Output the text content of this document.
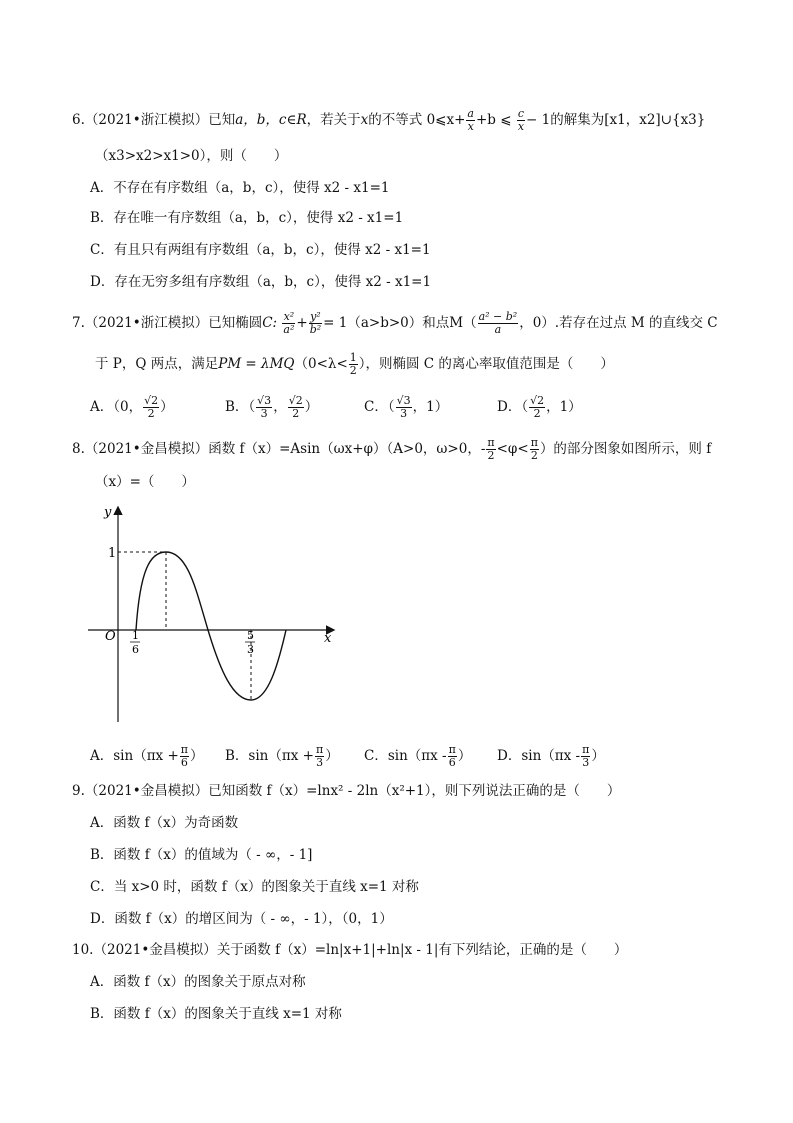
6.（2021•浙江模拟）已知a，b，c∈R，若关于x的不等式 0⩽x+ $\frac{a}{x} +b$ ⩽ $\frac{c}{x} - 1$的解集为[x1，x2]∪{x3}
（x3>x2>x1>0），则（　　）
A．不存在有序数组（a，b，c），使得 x2 - x1=1
B．存在唯一有序数组（a，b，c），使得 x2 - x1=1
C．有且只有两组有序数组（a，b，c），使得 x2 - x1=1
D．存在无穷多组有序数组（a，b，c），使得 x2 - x1=1
7.（2021•浙江模拟）已知椭圆C: $\frac{\text{x²}}{\text{a²}} + \frac{\text{y²}}{\text{b²}} = 1(a>b>0)$和点$M( \frac{\text{a² − b²}}{a}$ ，0）.若存在过点 M 的直线交 C
于 P，Q 两点，满足PM = $\lambda MQ(0<\lambda< \frac{1}{2}$ ），则椭圆 C 的离心率取值范围是（　　）
A．（0， $\frac{√2}{2}$ ）	B．（ $\frac{√3}{3}$ ， $\frac{√2}{2}$ ）	C．（ $\frac{√3}{3}$ ，1）	D．（ $\frac{√2}{2}$ ，1）
8.（2021•金昌模拟）函数 f（x）=Asin（ωx+φ）（A>0，ω>0，- $\frac{\pi}{2} <\varphi< \frac{\pi}{2}$ ）的部分图象如图所示，则 f
（x）=（　　）
y
x
O
1
1
6
5
3
A．$\sin(\pi x + \frac{\pi}{6}$ ） B．$\sin(\pi x + \frac{\pi}{3}$ ） C．$\sin(\pi x - \frac{\pi}{6}$ ） D．$\sin(\pi x - \frac{\pi}{3}$ ）
9.（2021•金昌模拟）已知函数 f（x）=lnx² - 2ln（x²+1），则下列说法正确的是（　　）
A．函数 f（x）为奇函数
B．函数 f（x）的值域为（ - ∞，- 1]
C．当 x>0 时，函数 f（x）的图象关于直线 x=1 对称
D．函数 f（x）的增区间为（ - ∞，- 1），（0，1）
10.（2021•金昌模拟）关于函数 f（x）=ln|x+1|+ln|x - 1|有下列结论，正确的是（　　）
A．函数 f（x）的图象关于原点对称
B．函数 f（x）的图象关于直线 x=1 对称
